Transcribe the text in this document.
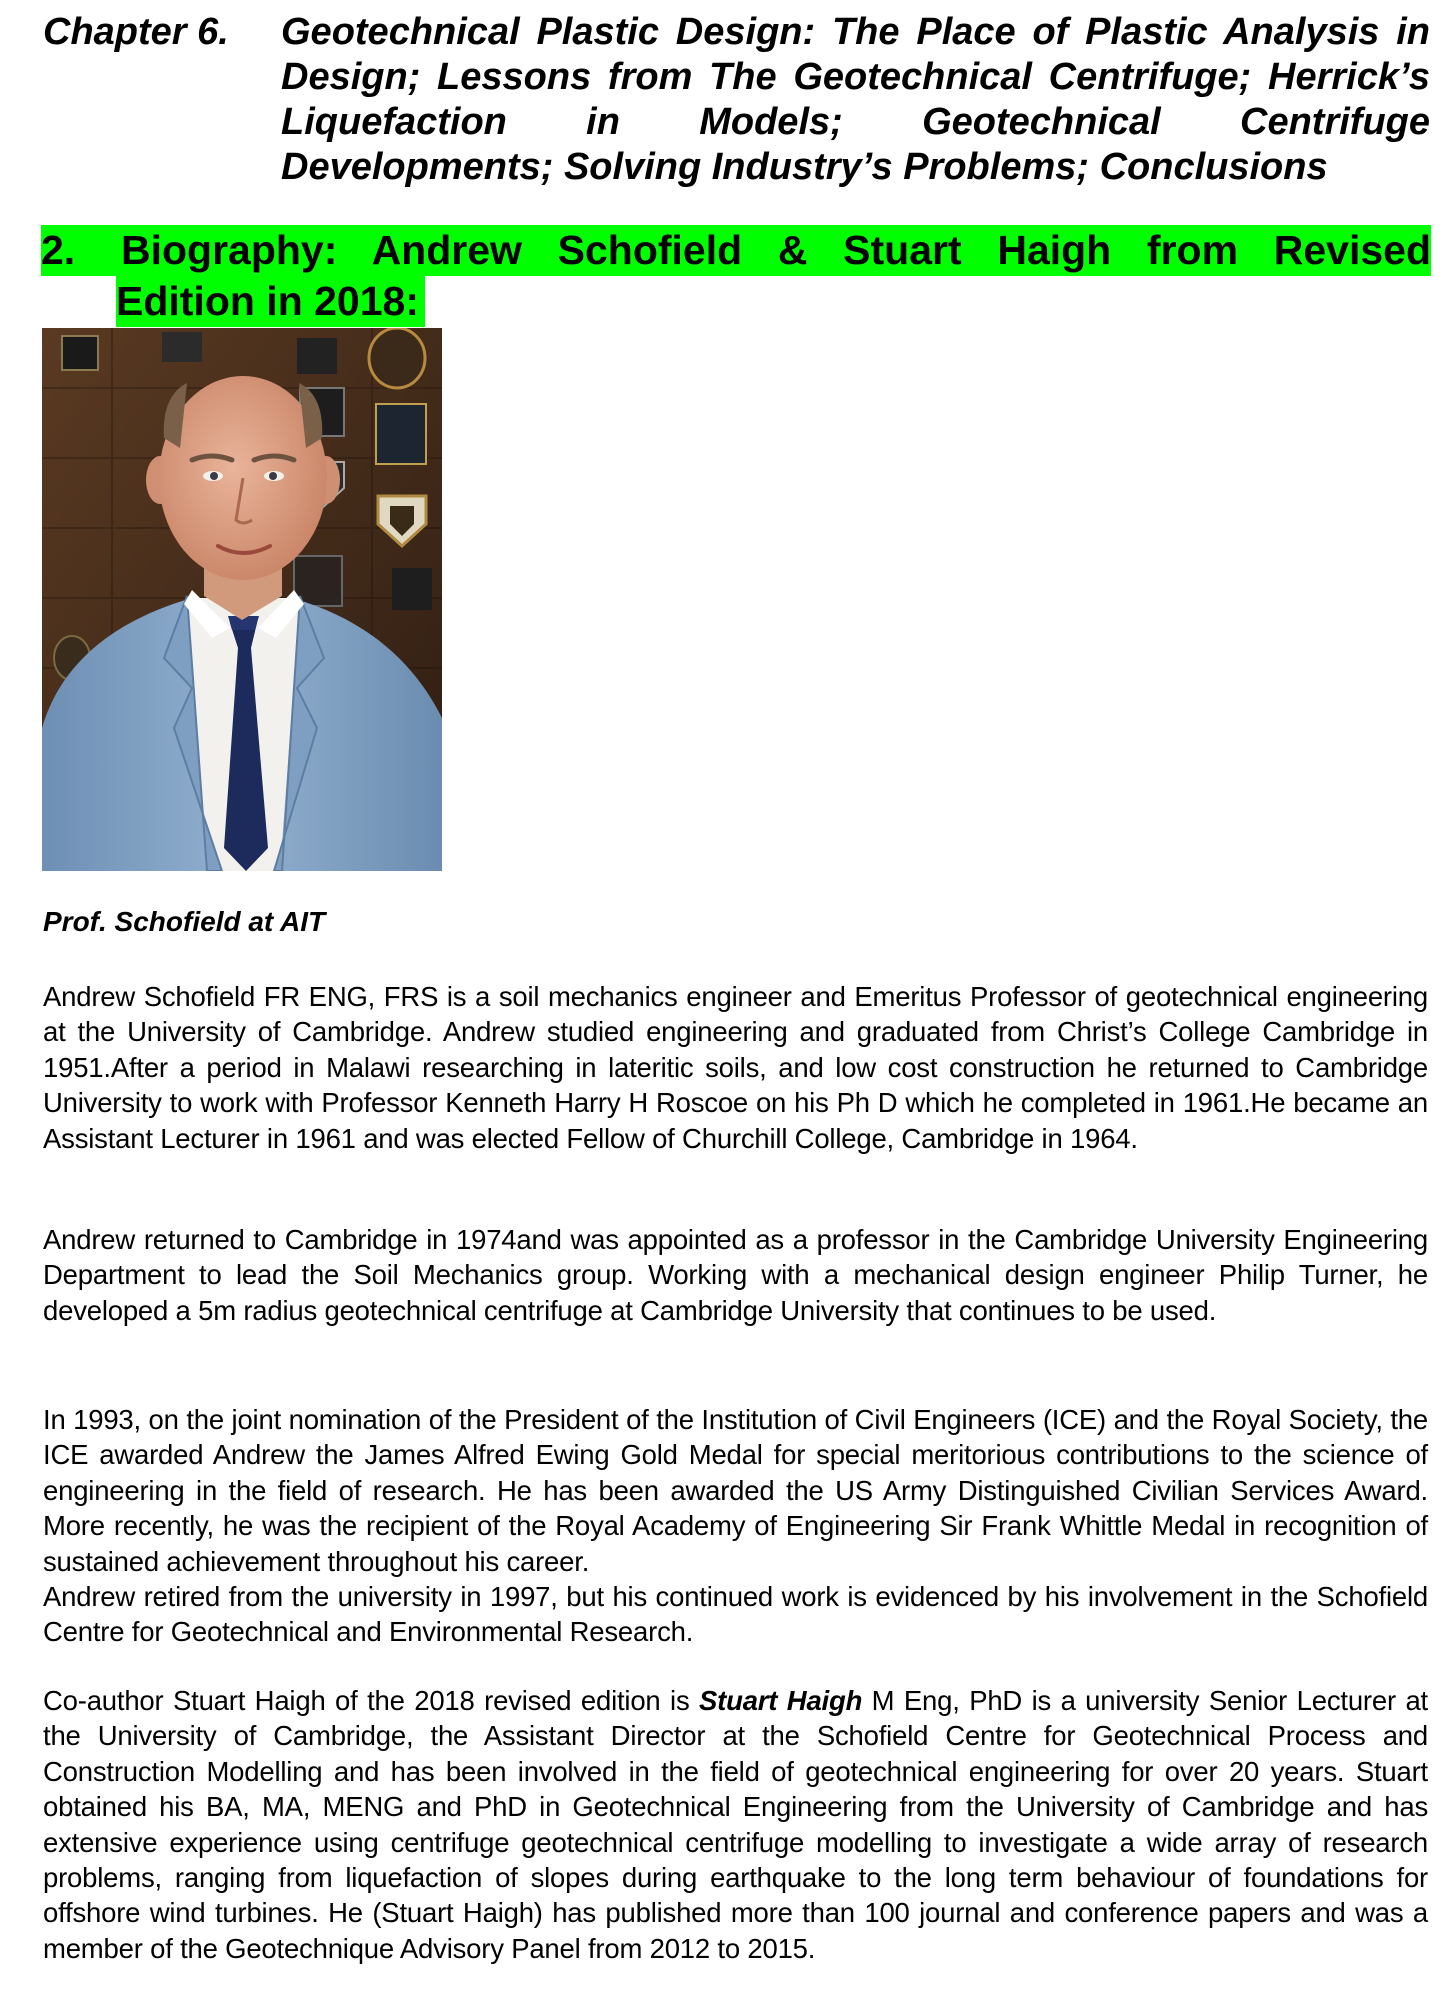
Chapter 6. Geotechnical Plastic Design: The Place of Plastic Analysis in Design; Lessons from The Geotechnical Centrifuge; Herrick’s Liquefaction in Models; Geotechnical Centrifuge Developments; Solving Industry’s Problems; Conclusions
2.	Biography: Andrew Schofield & Stuart Haigh from Revised
Edition in 2018:
Prof. Schofield at AIT
Andrew Schofield FR ENG, FRS is a soil mechanics engineer and Emeritus Professor of geotechnical engineering at the University of Cambridge. Andrew studied engineering and graduated from Christ’s College Cambridge in 1951.After a period in Malawi researching in lateritic soils, and low cost construction he returned to Cambridge University to work with Professor Kenneth Harry H Roscoe on his Ph D which he completed in 1961.He became an Assistant Lecturer in 1961 and was elected Fellow of Churchill College, Cambridge in 1964.
Andrew returned to Cambridge in 1974and was appointed as a professor in the Cambridge University Engineering Department to lead the Soil Mechanics group. Working with a mechanical design engineer Philip Turner, he developed a 5m radius geotechnical centrifuge at Cambridge University that continues to be used.
In 1993, on the joint nomination of the President of the Institution of Civil Engineers (ICE) and the Royal Society, the ICE awarded Andrew the James Alfred Ewing Gold Medal for special meritorious contributions to the science of engineering in the field of research. He has been awarded the US Army Distinguished Civilian Services Award. More recently, he was the recipient of the Royal Academy of Engineering Sir Frank Whittle Medal in recognition of sustained achievement throughout his career.
Andrew retired from the university in 1997, but his continued work is evidenced by his involvement in the Schofield Centre for Geotechnical and Environmental Research.
Co-author Stuart Haigh of the 2018 revised edition is Stuart Haigh M Eng, PhD is a university Senior Lecturer at the University of Cambridge, the Assistant Director at the Schofield Centre for Geotechnical Process and Construction Modelling and has been involved in the field of geotechnical engineering for over 20 years. Stuart obtained his BA, MA, MENG and PhD in Geotechnical Engineering from the University of Cambridge and has extensive experience using centrifuge geotechnical centrifuge modelling to investigate a wide array of research problems, ranging from liquefaction of slopes during earthquake to the long term behaviour of foundations for offshore wind turbines. He (Stuart Haigh) has published more than 100 journal and conference papers and was a member of the Geotechnique Advisory Panel from 2012 to 2015.
